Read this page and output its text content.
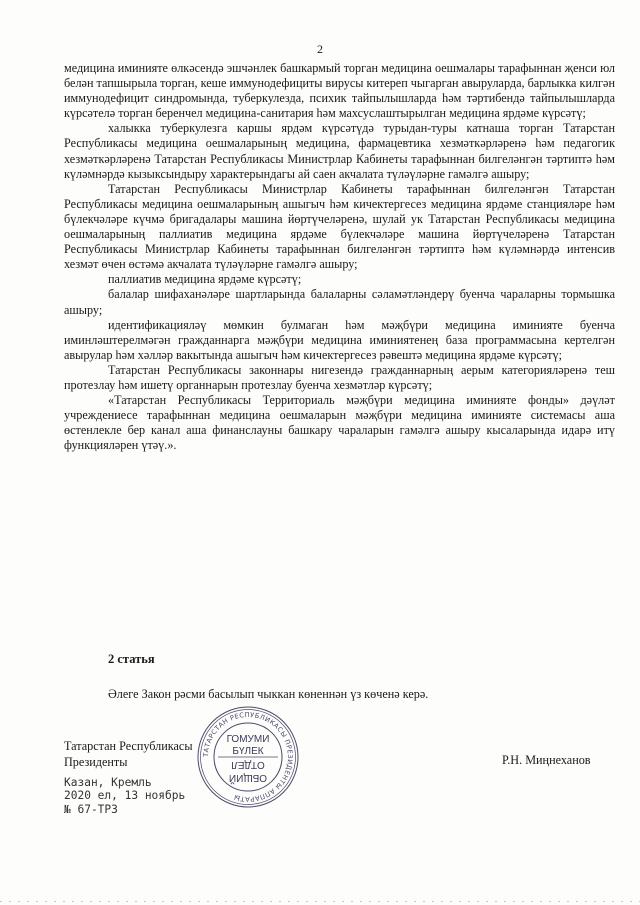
2

медицина иминияте өлкәсендә эшчәнлек башкармый торган медицина оешмалары тарафыннан җенси юл белән тапшырыла торган, кеше иммунодефициты вирусы китереп чыгарган авыруларда, барлыкка килгән иммунодефицит синдромында, туберкулезда, психик тайпылышларда һәм тәртибендә тайпылышларда күрсәтелә торган беренчел медицина-санитария һәм махсуслаштырылган медицина ярдәме күрсәтү;

халыкка туберкулезга каршы ярдәм күрсәтүдә турыдан-туры катнаша торган Татарстан Республикасы медицина оешмаларының медицина, фармацевтика хезмәткәрләренә һәм педагогик хезмәткәрләренә Татарстан Республикасы Министрлар Кабинеты тарафыннан билгеләнгән тәртиптә һәм күләмнәрдә кызыксындыру характерындагы ай саен акчалата түләүләрне гамәлгә ашыру;

Татарстан Республикасы Министрлар Кабинеты тарафыннан билгеләнгән Татарстан Республикасы медицина оешмаларының ашыгыч һәм кичектергесез медицина ярдәме станцияләре һәм бүлекчәләре күчмә бригадалары машина йөртүчеләренә, шулай ук Татарстан Республикасы медицина оешмаларының паллиатив медицина ярдәме бүлекчәләре машина йөртүчеләренә Татарстан Республикасы Министрлар Кабинеты тарафыннан билгеләнгән тәртиптә һәм күләмнәрдә интенсив хезмәт өчен өстәмә акчалата түләүләрне гамәлгә ашыру;

паллиатив медицина ярдәме күрсәтү;

балалар шифаханәләре шартларында балаларны сәламәтләндерү буенча чараларны тормышка ашыру;

идентификацияләү мөмкин булмаган һәм мәҗбүри медицина иминияте буенча иминләштерелмәгән гражданнарга мәҗбүри медицина иминиятенең база программасына кертелгән авырулар һәм хәлләр вакытында ашыгыч һәм кичектергесез рәвештә медицина ярдәме күрсәтү;

Татарстан Республикасы законнары нигезендә гражданнарның аерым категорияләренә теш протезлау һәм ишетү органнарын протезлау буенча хезмәтләр күрсәтү;

«Татарстан Республикасы Территориаль мәҗбүри медицина иминияте фонды» дәүләт учреждениесе тарафыннан медицина оешмаларын мәҗбүри медицина иминияте системасы аша өстенлекле бер канал аша финанслауны башкару чараларын гамәлгә ашыру кысаларында идарә итү функцияләрен үтәү.».

2 статья
Әлеге Закон рәсми басылып чыккан көненнән үз көченә керә.
Татарстан Республикасы
Президенты	Р.Н. Миңнеханов
Казан, Кремль
2020 ел, 13 ноябрь
№ 67-ТРЗ
ТАТАРСТАН РЕСПУБЛИКАСЫ ПРЕЗИДЕНТЫ АППАРАТЫ
ГОМУМИ
БҮЛЕК
ОТДЕЛ
ОБЩИЙ
